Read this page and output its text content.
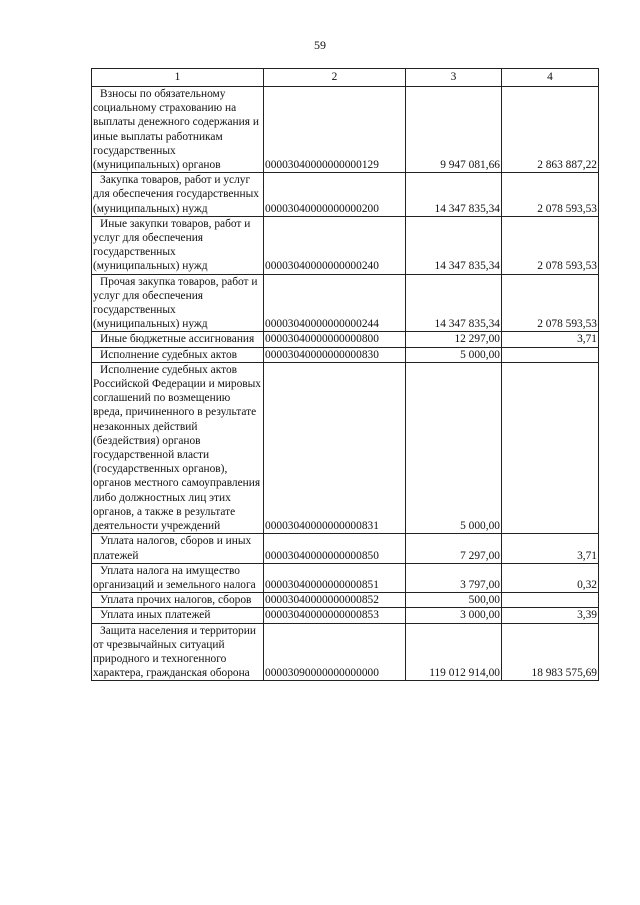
59
1	2	3	4
Взносы по обязательному социальному страхованию на выплаты денежного содержания и иные выплаты работникам государственных (муниципальных) органов	00003040000000000129	9 947 081,66	2 863 887,22
Закупка товаров, работ и услуг для обеспечения государственных (муниципальных) нужд	00003040000000000200	14 347 835,34	2 078 593,53
Иные закупки товаров, работ и услуг для обеспечения государственных (муниципальных) нужд	00003040000000000240	14 347 835,34	2 078 593,53
Прочая закупка товаров, работ и услуг для обеспечения государственных (муниципальных) нужд	00003040000000000244	14 347 835,34	2 078 593,53
Иные бюджетные ассигнования	00003040000000000800	12 297,00	3,71
Исполнение судебных актов	00003040000000000830	5 000,00	
Исполнение судебных актов Российской Федерации и мировых соглашений по возмещению вреда, причиненного в результате незаконных действий (бездействия) органов государственной власти (государственных органов), органов местного самоуправления либо должностных лиц этих органов, а также в результате деятельности учреждений	00003040000000000831	5 000,00	
Уплата налогов, сборов и иных платежей	00003040000000000850	7 297,00	3,71
Уплата налога на имущество организаций и земельного налога	00003040000000000851	3 797,00	0,32
Уплата прочих налогов, сборов	00003040000000000852	500,00	
Уплата иных платежей	00003040000000000853	3 000,00	3,39
Защита населения и территории от чрезвычайных ситуаций природного и техногенного характера, гражданская оборона	00003090000000000000	119 012 914,00	18 983 575,69
